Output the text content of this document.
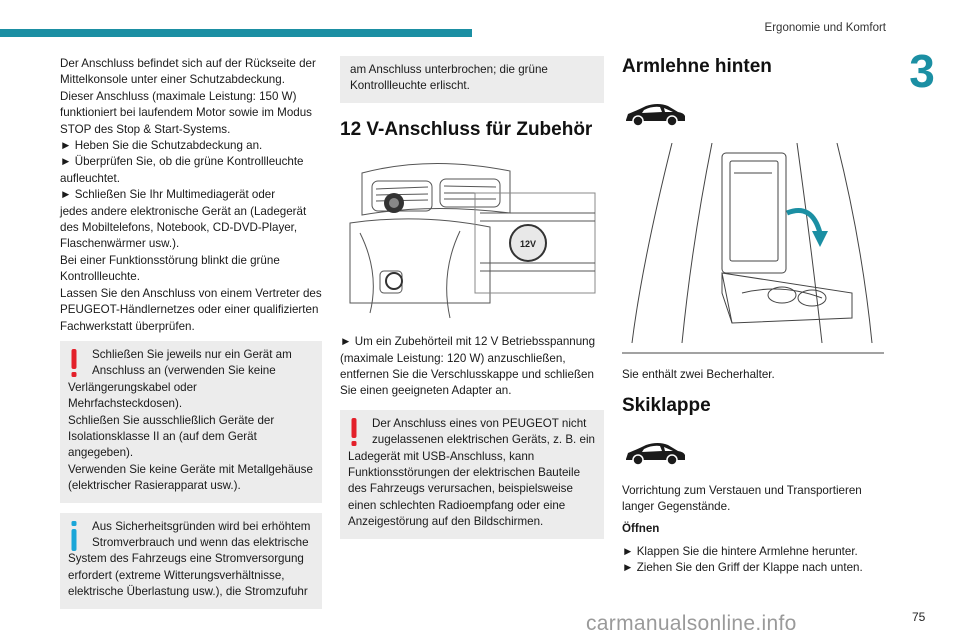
Ergonomie und Komfort
3

Der Anschluss befindet sich auf der Rückseite der

Mittelkonsole unter einer Schutzabdeckung.

Dieser Anschluss (maximale Leistung: 150 W)

funktioniert bei laufendem Motor sowie im Modus

STOP des Stop & Start-Systems.

► Heben Sie die Schutzabdeckung an.

► Überprüfen Sie, ob die grüne Kontrollleuchte

aufleuchtet.

► Schließen Sie Ihr Multimediagerät oder

jedes andere elektronische Gerät an (Ladegerät

des Mobiltelefons, Notebook, CD-DVD-Player,

Flaschenwärmer usw.).

Bei einer Funktionsstörung blinkt die grüne

Kontrollleuchte.

Lassen Sie den Anschluss von einem Vertreter des

PEUGEOT-Händlernetzes oder einer qualifizierten

Fachwerkstatt überprüfen.

Schließen Sie jeweils nur ein Gerät am

Anschluss an (verwenden Sie keine

Verlängerungskabel oder Mehrfachsteckdosen).

Schließen Sie ausschließlich Geräte der

Isolationsklasse II an (auf dem Gerät

angegeben).

Verwenden Sie keine Geräte mit Metallgehäuse

(elektrischer Rasierapparat usw.).

Aus Sicherheitsgründen wird bei erhöhtem

Stromverbrauch und wenn das elektrische

System des Fahrzeugs eine Stromversorgung

erfordert (extreme Witterungsverhältnisse,

elektrische Überlastung usw.), die Stromzufuhr

am Anschluss unterbrochen; die grüne

Kontrollleuchte erlischt.

12 V-Anschluss für Zubehör
12V

► Um ein Zubehörteil mit 12 V Betriebsspannung

(maximale Leistung: 120 W) anzuschließen,

entfernen Sie die Verschlusskappe und schließen

Sie einen geeigneten Adapter an.

Der Anschluss eines von PEUGEOT nicht

zugelassenen elektrischen Geräts, z. B. ein

Ladegerät mit USB-Anschluss, kann

Funktionsstörungen der elektrischen Bauteile

des Fahrzeugs verursachen, beispielsweise

einen schlechten Radioempfang oder eine

Anzeigestörung auf den Bildschirmen.

Armlehne hinten

Sie enthält zwei Becherhalter.

Skiklappe

Vorrichtung zum Verstauen und Transportieren

langer Gegenstände.

Öffnen

► Klappen Sie die hintere Armlehne herunter.

► Ziehen Sie den Griff der Klappe nach unten.

carmanualsonline.info	75
